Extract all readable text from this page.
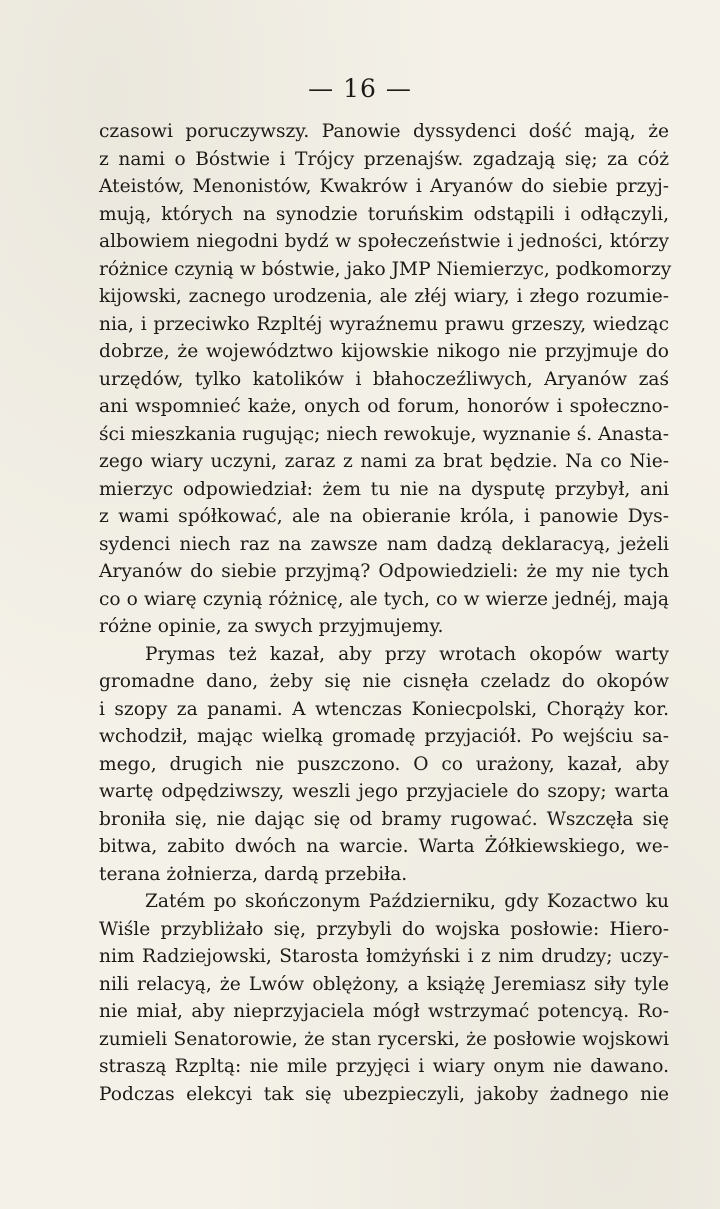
— 16 —
czasowi poruczywszy. Panowie dyssydenci dość mają, że
z nami o Bóstwie i Trójcy przenajśw. zgadzają się; za cóż
Ateistów, Menonistów, Kwakrów i Aryanów do siebie przyj-
mują, których na synodzie toruńskim odstąpili i odłączyli,
albowiem niegodni bydź w społeczeństwie i jedności, którzy
różnice czynią w bóstwie, jako JMP Niemierzyc, podkomorzy
kijowski, zacnego urodzenia, ale złéj wiary, i złego rozumie-
nia, i przeciwko Rzpltéj wyraźnemu prawu grzeszy, wiedząc
dobrze, że województwo kijowskie nikogo nie przyjmuje do
urzędów, tylko katolików i błahoczeźliwych, Aryanów zaś
ani wspomnieć każe, onych od forum, honorów i społeczno-
ści mieszkania rugując; niech rewokuje, wyznanie ś. Anasta-
zego wiary uczyni, zaraz z nami za brat będzie. Na co Nie-
mierzyc odpowiedział: żem tu nie na dysputę przybył, ani
z wami spółkować, ale na obieranie króla, i panowie Dys-
sydenci niech raz na zawsze nam dadzą deklaracyą, jeżeli
Aryanów do siebie przyjmą? Odpowiedzieli: że my nie tych
co o wiarę czynią różnicę, ale tych, co w wierze jednéj, mają
różne opinie, za swych przyjmujemy.
Prymas też kazał, aby przy wrotach okopów warty
gromadne dano, żeby się nie cisnęła czeladz do okopów
i szopy za panami. A wtenczas Koniecpolski, Chorąży kor.
wchodził, mając wielką gromadę przyjaciół. Po wejściu sa-
mego, drugich nie puszczono. O co urażony, kazał, aby
wartę odpędziwszy, weszli jego przyjaciele do szopy; warta
broniła się, nie dając się od bramy rugować. Wszczęła się
bitwa, zabito dwóch na warcie. Warta Żółkiewskiego, we-
terana żołnierza, dardą przebiła.
Zatém po skończonym Październiku, gdy Kozactwo ku
Wiśle przybliżało się, przybyli do wojska posłowie: Hiero-
nim Radziejowski, Starosta łomżyński i z nim drudzy; uczy-
nili relacyą, że Lwów oblężony, a książę Jeremiasz siły tyle
nie miał, aby nieprzyjaciela mógł wstrzymać potencyą. Ro-
zumieli Senatorowie, że stan rycerski, że posłowie wojskowi
straszą Rzpltą: nie mile przyjęci i wiary onym nie dawano.
Podczas elekcyi tak się ubezpieczyli, jakoby żadnego nie
